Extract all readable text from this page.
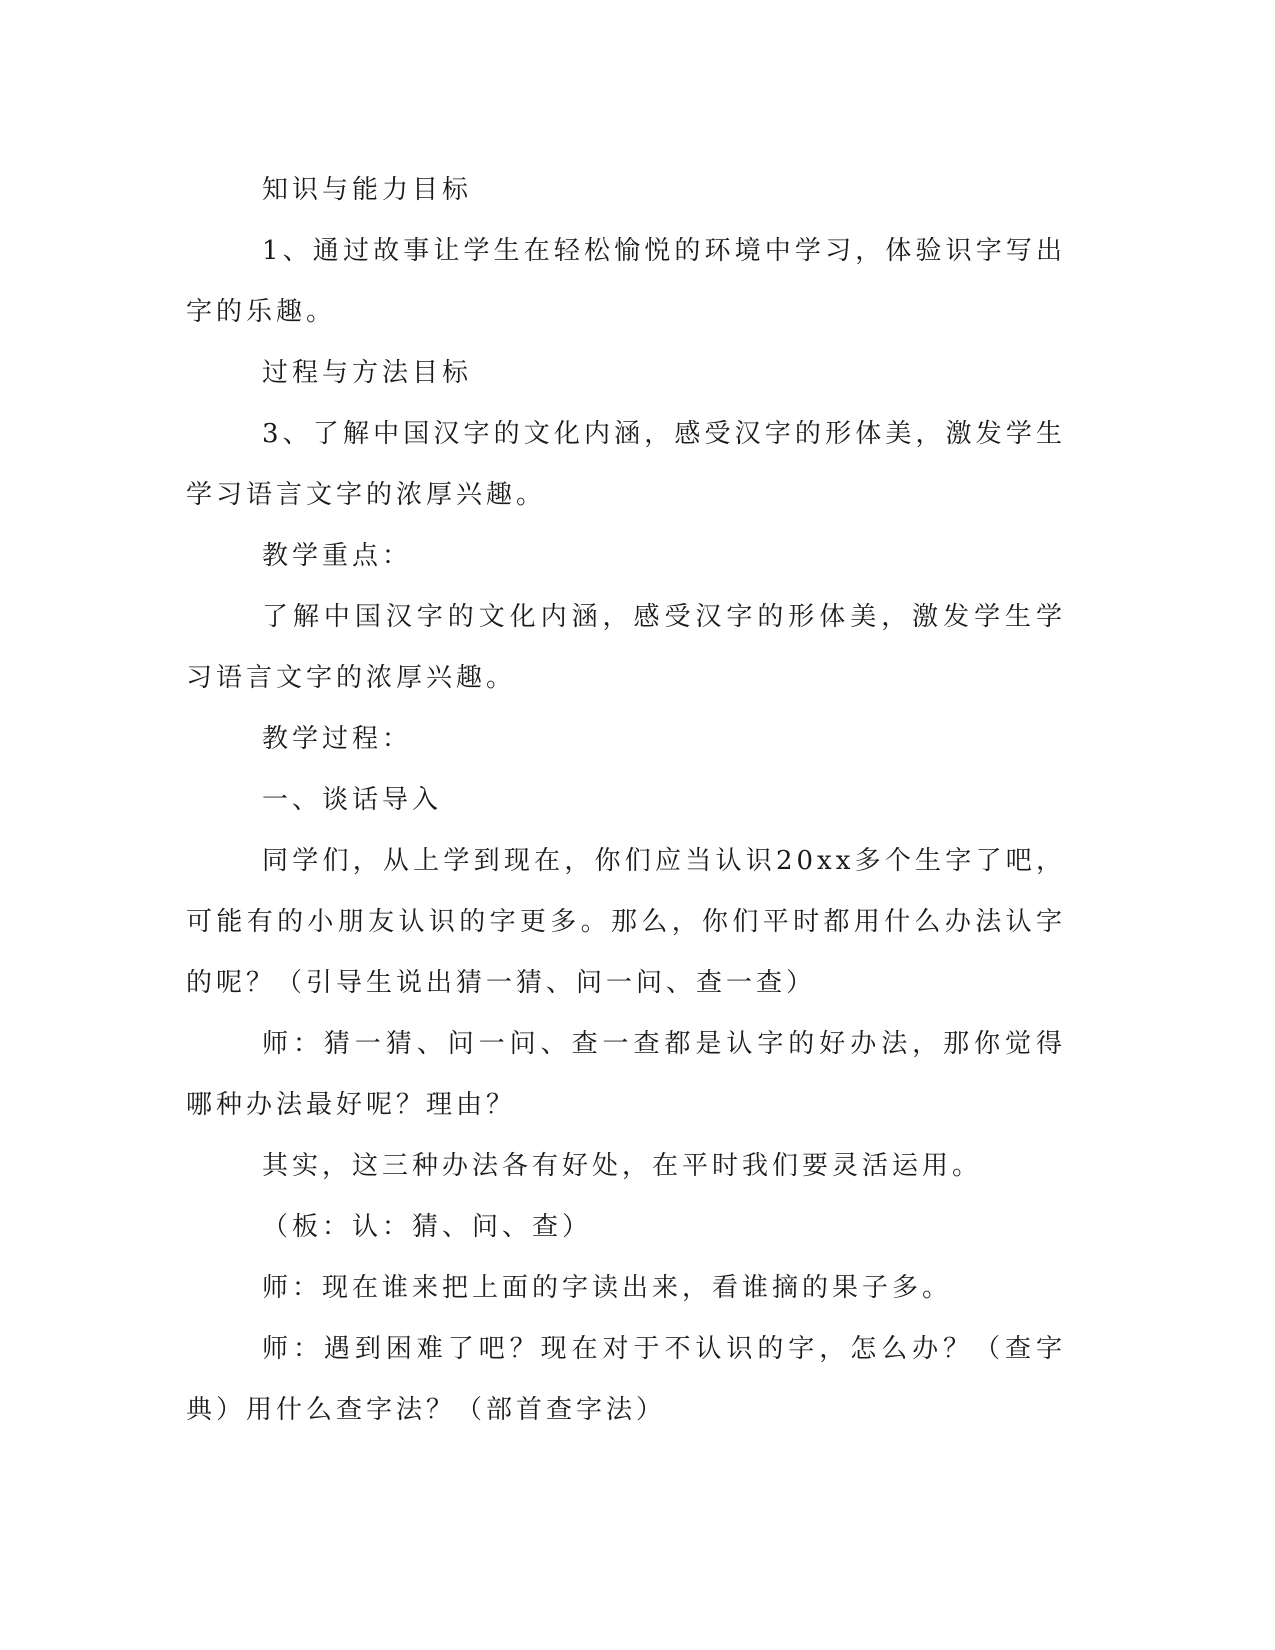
知识与能力目标

1、通过故事让学生在轻松愉悦的环境中学习，体验识字写出字的乐趣。

过程与方法目标

3、了解中国汉字的文化内涵，感受汉字的形体美，激发学生学习语言文字的浓厚兴趣。

教学重点：

了解中国汉字的文化内涵，感受汉字的形体美，激发学生学习语言文字的浓厚兴趣。

教学过程：

一、谈话导入

同学们，从上学到现在，你们应当认识20xx多个生字了吧，可能有的小朋友认识的字更多。那么，你们平时都用什么办法认字的呢？（引导生说出猜一猜、问一问、查一查）

师：猜一猜、问一问、查一查都是认字的好办法，那你觉得哪种办法最好呢？理由？

其实，这三种办法各有好处，在平时我们要灵活运用。

（板：认：猜、问、查）

师：现在谁来把上面的字读出来，看谁摘的果子多。

师：遇到困难了吧？现在对于不认识的字，怎么办？（查字典）用什么查字法？（部首查字法）
